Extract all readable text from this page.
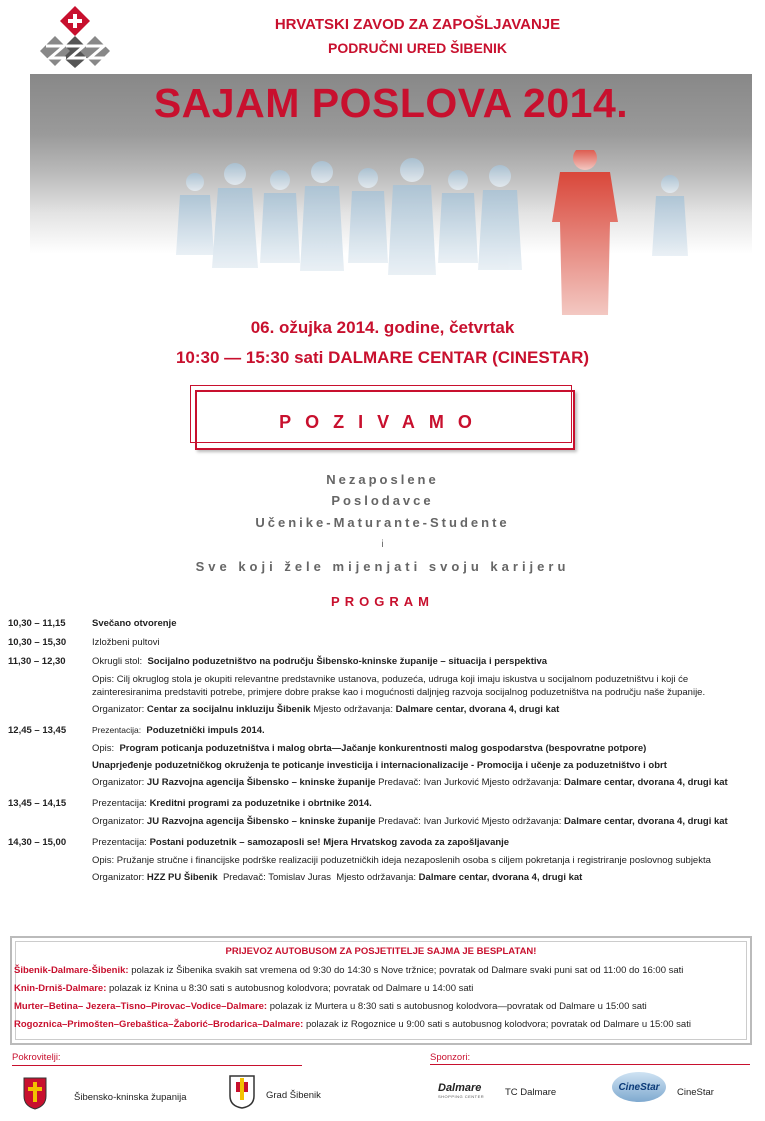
HRVATSKI ZAVOD ZA ZAPOŠLJAVANJE
PODRUČNI URED ŠIBENIK
SAJAM POSLOVA 2014.
06. ožujka 2014. godine, četvrtak
10:30 — 15:30 sati DALMARE CENTAR (CINESTAR)
POZIVAMO
Nezaposlene
Poslodavce
Učenike-Maturante-Studente
i
Sve koji žele mijenjati svoju karijeru
PROGRAM
10,30 – 11,15	Svečano otvorenje
10,30 – 15,30	Izložbeni pultovi
11,30 – 12,30	Okrugli stol: Socijalno poduzetništvo na području Šibensko-kninske županije – situacija i perspektiva
Opis: Cilj okruglog stola je okupiti relevantne predstavnike ustanova, poduzeća, udruga koji imaju iskustva u socijalnom poduzetništvu i koji će zainteresiranima predstaviti potrebe, primjere dobre prakse kao i mogućnosti daljnjeg razvoja socijalnog poduzetništva na području naše županije.
Organizator: Centar za socijalnu inkluziju Šibenik Mjesto održavanja: Dalmare centar, dvorana 4, drugi kat
12,45 – 13,45	Prezentacija: Poduzetnički impuls 2014.
Opis: Program poticanja poduzetništva i malog obrta—Jačanje konkurentnosti malog gospodarstva (bespovratne potpore)
Unaprjeđenje poduzetničkog okruženja te poticanje investicija i internacionalizacije - Promocija i učenje za poduzetništvo i obrt
Organizator: JU Razvojna agencija Šibensko – kninske županije Predavač: Ivan Jurković Mjesto održavanja: Dalmare centar, dvorana 4, drugi kat
13,45 – 14,15	Prezentacija: Kreditni programi za poduzetnike i obrtnike 2014.
Organizator: JU Razvojna agencija Šibensko – kninske županije Predavač: Ivan Jurković Mjesto održavanja: Dalmare centar, dvorana 4, drugi kat
14,30 – 15,00	Prezentacija: Postani poduzetnik – samozaposli se! Mjera Hrvatskog zavoda za zapošljavanje
Opis: Pružanje stručne i financijske podrške realizaciji poduzetničkih ideja nezaposlenih osoba s ciljem pokretanja i registriranje poslovnog subjekta
Organizator: HZZ PU Šibenik Predavač: Tomislav Juras Mjesto održavanja: Dalmare centar, dvorana 4, drugi kat
PRIJEVOZ AUTOBUSOM ZA POSJETITELJE SAJMA JE BESPLATAN!

Šibenik-Dalmare-Šibenik: polazak iz Šibenika svakih sat vremena od 9:30 do 14:30 s Nove tržnice; povratak od Dalmare svaki puni sat od 11:00 do 16:00 sati

Knin-Drniš-Dalmare: polazak iz Knina u 8:30 sati s autobusnog kolodvora; povratak od Dalmare u 14:00 sati

Murter–Betina– Jezera–Tisno–Pirovac–Vodice–Dalmare: polazak iz Murtera u 8:30 sati s autobusnog kolodvora—povratak od Dalmare u 15:00 sati

Rogoznica–Primošten–Grebaštica–Žaborić–Brodarica–Dalmare: polazak iz Rogoznice u 9:00 sati s autobusnog kolodvora; povratak od Dalmare u 15:00 sati

Pokrovitelji:	Sponzori:
Šibensko-kninska županija	Grad Šibenik
Dalmare
SHOPPING CENTER	TC Dalmare	CineStar CineStar
